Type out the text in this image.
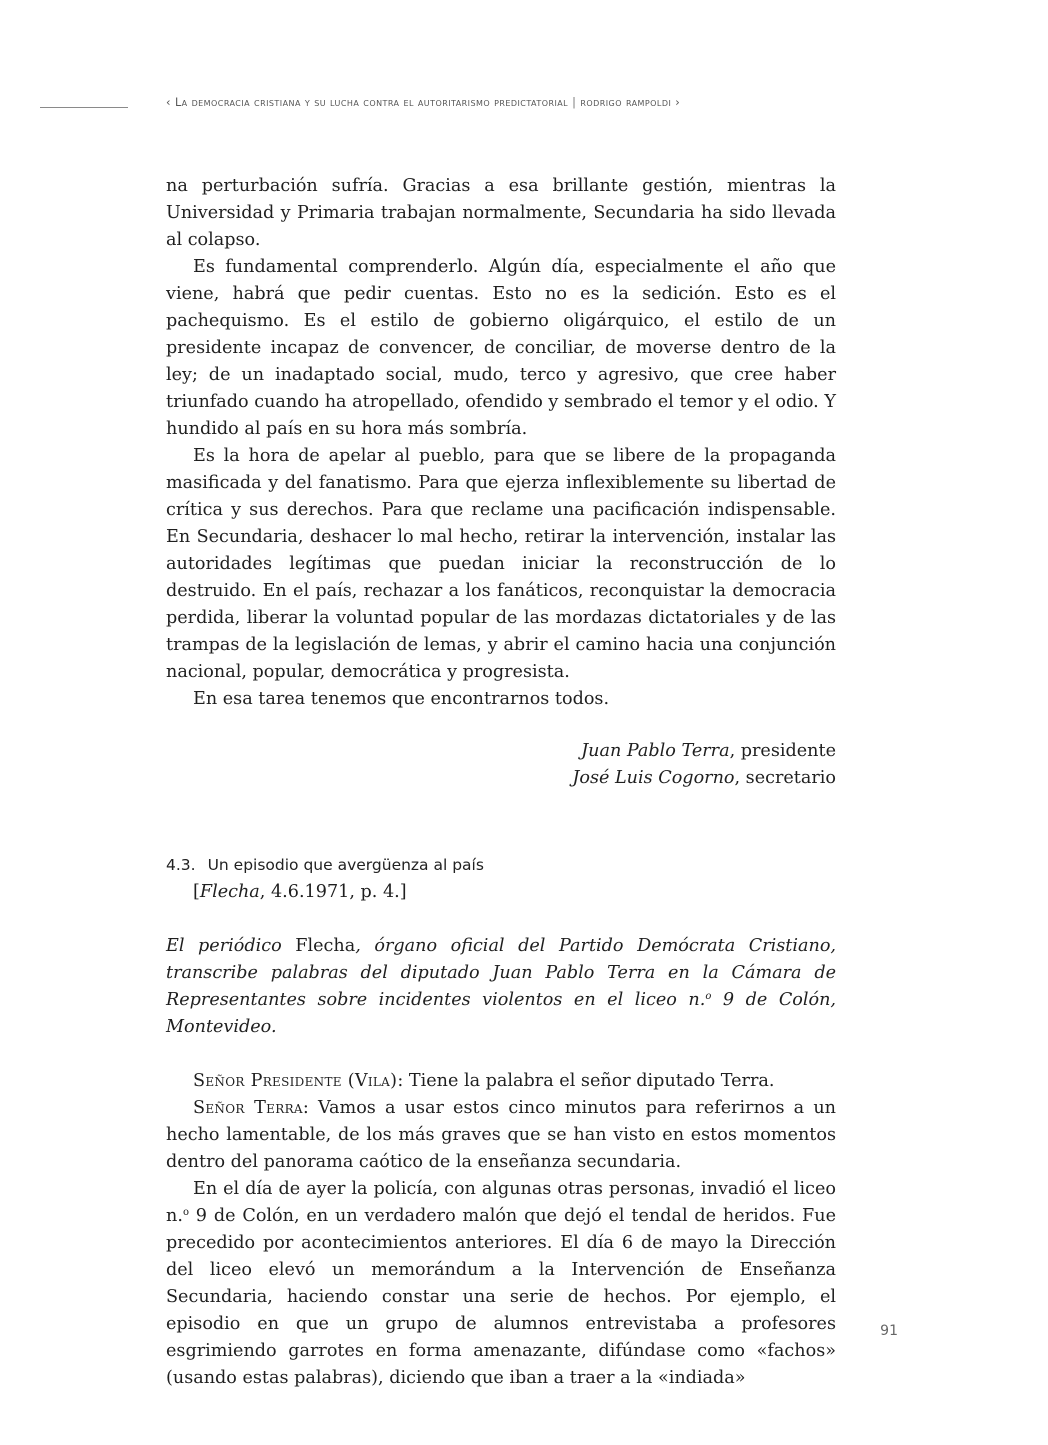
‹ La democracia cristiana y su lucha contra el autoritarismo predictatorial | rodrigo rampoldi ›

na perturbación sufría. Gracias a esa brillante gestión, mientras la Universidad y Primaria trabajan normalmente, Secundaria ha sido llevada al colapso.

Es fundamental comprenderlo. Algún día, especialmente el año que viene, habrá que pedir cuentas. Esto no es la sedición. Esto es el pachequismo. Es el estilo de gobierno oligárquico, el estilo de un presidente incapaz de convencer, de conciliar, de moverse dentro de la ley; de un inadaptado social, mudo, terco y agresivo, que cree haber triunfado cuando ha atropellado, ofendido y sembrado el temor y el odio. Y hundido al país en su hora más sombría.

Es la hora de apelar al pueblo, para que se libere de la propaganda masificada y del fanatismo. Para que ejerza inflexiblemente su libertad de crítica y sus derechos. Para que reclame una pacificación indispensable. En Secundaria, deshacer lo mal hecho, retirar la intervención, instalar las autoridades legítimas que puedan iniciar la reconstrucción de lo destruido. En el país, rechazar a los fanáticos, reconquistar la democracia perdida, liberar la voluntad popular de las mordazas dictatoriales y de las trampas de la legislación de lemas, y abrir el camino hacia una conjunción nacional, popular, democrática y progresista.

En esa tarea tenemos que encontrarnos todos.

Juan Pablo Terra, presidente
José Luis Cogorno, secretario
4.3. Un episodio que avergüenza al país

[Flecha, 4.6.1971, p. 4.]

El periódico Flecha, órgano oficial del Partido Demócrata Cristiano, transcribe palabras del diputado Juan Pablo Terra en la Cámara de Representantes sobre incidentes violentos en el liceo n.$^o$ 9 de Colón, Montevideo.

Señor Presidente (Vila): Tiene la palabra el señor diputado Terra.

Señor Terra: Vamos a usar estos cinco minutos para referirnos a un hecho lamentable, de los más graves que se han visto en estos momentos dentro del panorama caótico de la enseñanza secundaria.

En el día de ayer la policía, con algunas otras personas, invadió el liceo n.$^o$ 9 de Colón, en un verdadero malón que dejó el tendal de heridos. Fue precedido por acontecimientos anteriores. El día 6 de mayo la Dirección del liceo elevó un memorándum a la Intervención de Enseñanza Secundaria, haciendo constar una serie de hechos. Por ejemplo, el episodio en que un grupo de alumnos entrevistaba a profesores esgrimiendo garrotes en forma amenazante, difúndase como «fachos» (usando estas palabras), diciendo que iban a traer a la «indiada»

91
